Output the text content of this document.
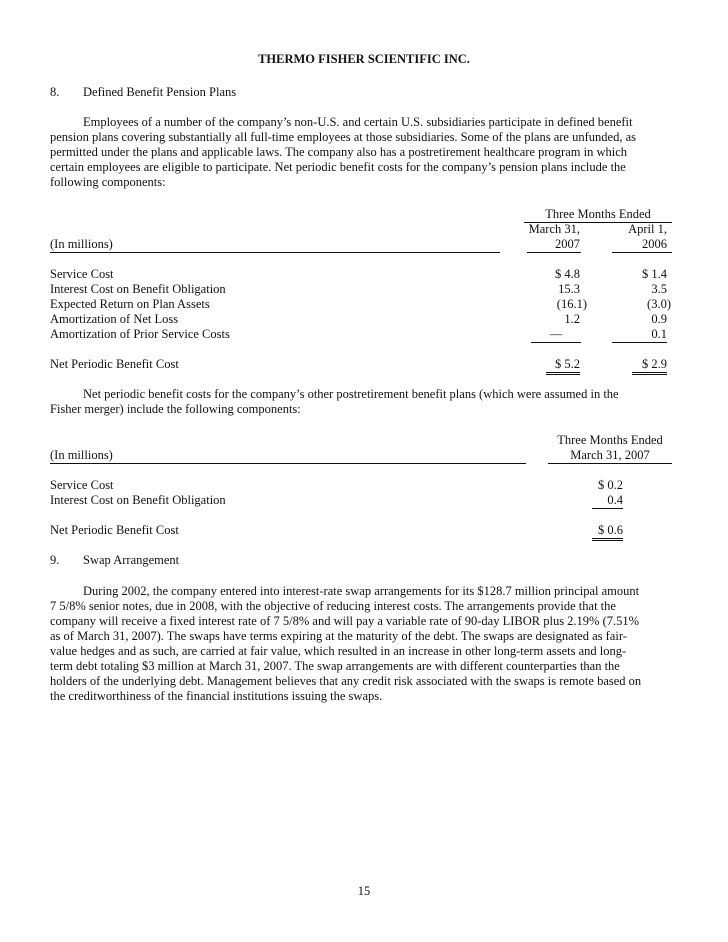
THERMO FISHER SCIENTIFIC INC.
8. Defined Benefit Pension Plans
Employees of a number of the company’s non-U.S. and certain U.S. subsidiaries participate in defined benefit
pension plans covering substantially all full-time employees at those subsidiaries. Some of the plans are unfunded, as
permitted under the plans and applicable laws. The company also has a postretirement healthcare program in which
certain employees are eligible to participate. Net periodic benefit costs for the company’s pension plans include the
following components:
Three Months Ended
March 31,	April 1,
(In millions)	2007	2006
Service Cost	$ 4.8	$ 1.4
Interest Cost on Benefit Obligation	15.3	3.5
Expected Return on Plan Assets	(16.1)	(3.0)
Amortization of Net Loss	1.2	0.9
Amortization of Prior Service Costs	—	0.1
Net Periodic Benefit Cost	$ 5.2	$ 2.9
Net periodic benefit costs for the company’s other postretirement benefit plans (which were assumed in the
Fisher merger) include the following components:
Three Months Ended
March 31, 2007
(In millions)
Service Cost	$ 0.2
Interest Cost on Benefit Obligation	0.4
Net Periodic Benefit Cost	$ 0.6
9. Swap Arrangement
During 2002, the company entered into interest-rate swap arrangements for its $128.7 million principal amount
7 5/8% senior notes, due in 2008, with the objective of reducing interest costs. The arrangements provide that the
company will receive a fixed interest rate of 7 5/8% and will pay a variable rate of 90-day LIBOR plus 2.19% (7.51%
as of March 31, 2007). The swaps have terms expiring at the maturity of the debt. The swaps are designated as fair-
value hedges and as such, are carried at fair value, which resulted in an increase in other long-term assets and long-
term debt totaling $3 million at March 31, 2007. The swap arrangements are with different counterparties than the
holders of the underlying debt. Management believes that any credit risk associated with the swaps is remote based on
the creditworthiness of the financial institutions issuing the swaps.
15
